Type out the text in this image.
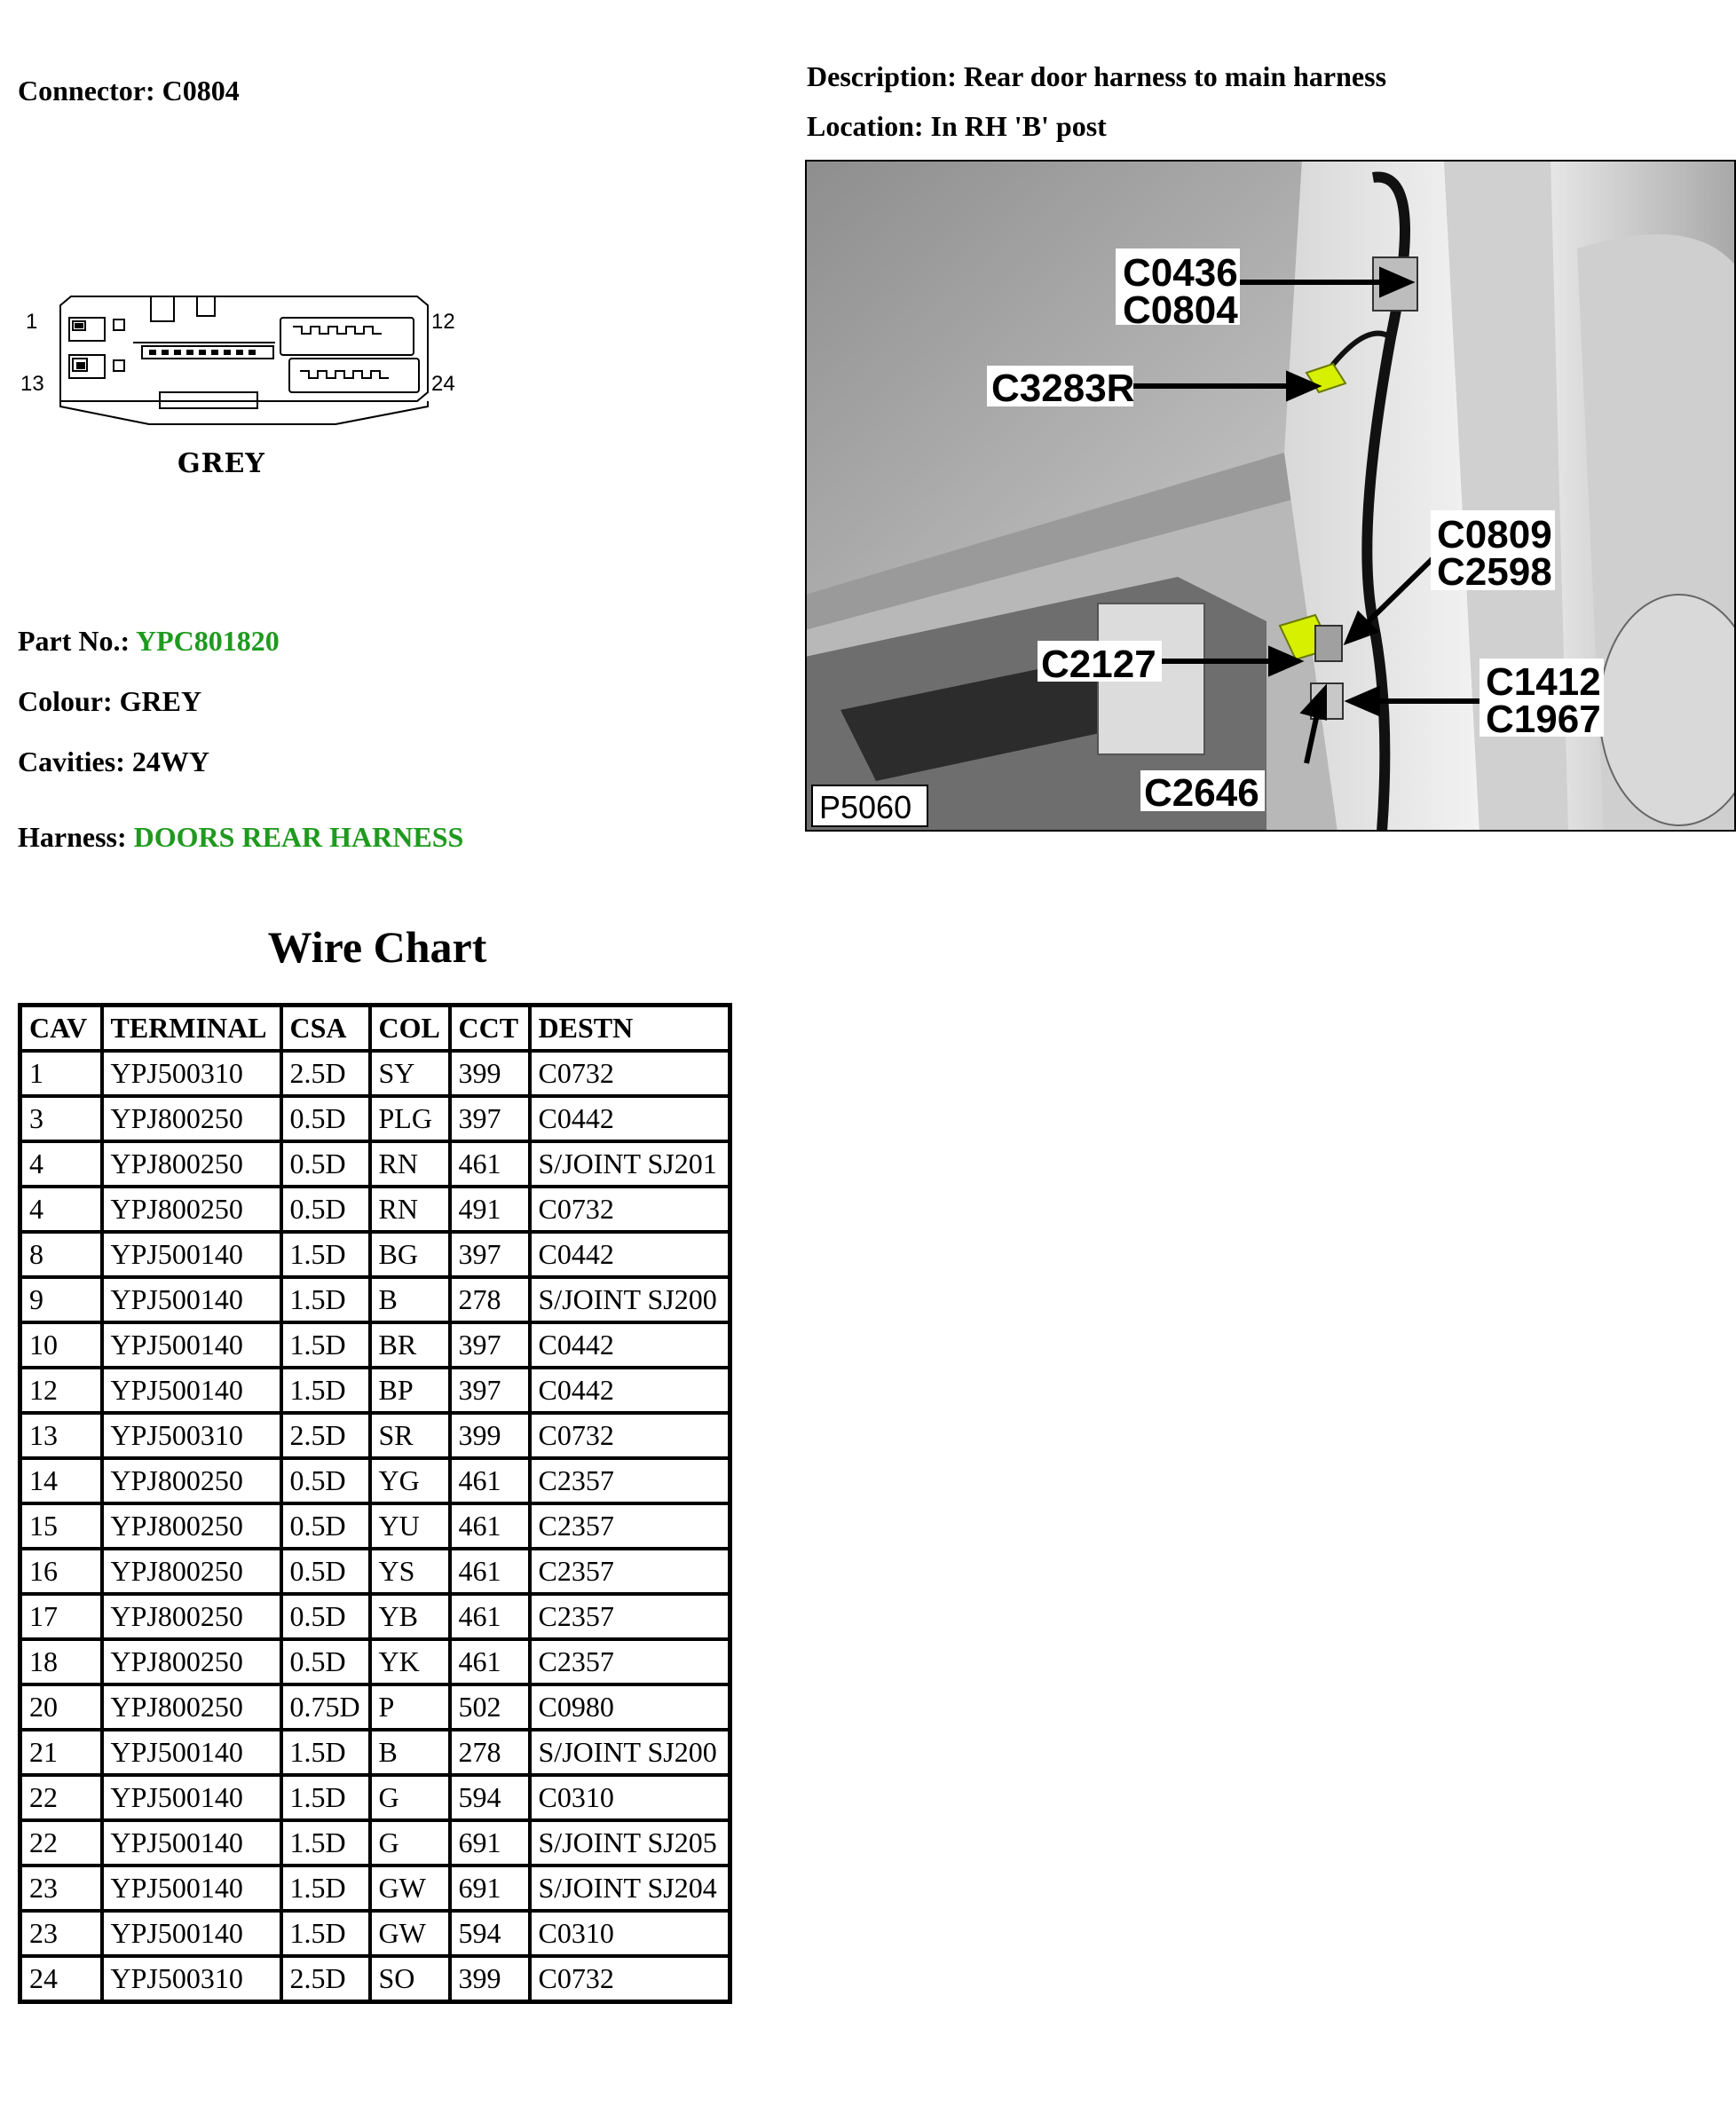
Connector: C0804	Description: Rear door harness to main harness
Location: In RH 'B' post
1	12
13	24
GREY
C0436
C0804
C3283R
C0809
C2598
C2127	C1412
C1967
C2646
P5060
Part No.: YPC801820
Colour: GREY
Cavities: 24WY
Harness: DOORS REAR HARNESS
Wire Chart
CAV	TERMINAL	CSA	COL	CCT	DESTN
1	YPJ500310	2.5D	SY	399	C0732
3	YPJ800250	0.5D	PLG	397	C0442
4	YPJ800250	0.5D	RN	461	S/JOINT SJ201
4	YPJ800250	0.5D	RN	491	C0732
8	YPJ500140	1.5D	BG	397	C0442
9	YPJ500140	1.5D	B	278	S/JOINT SJ200
10	YPJ500140	1.5D	BR	397	C0442
12	YPJ500140	1.5D	BP	397	C0442
13	YPJ500310	2.5D	SR	399	C0732
14	YPJ800250	0.5D	YG	461	C2357
15	YPJ800250	0.5D	YU	461	C2357
16	YPJ800250	0.5D	YS	461	C2357
17	YPJ800250	0.5D	YB	461	C2357
18	YPJ800250	0.5D	YK	461	C2357
20	YPJ800250	0.75D	P	502	C0980
21	YPJ500140	1.5D	B	278	S/JOINT SJ200
22	YPJ500140	1.5D	G	594	C0310
22	YPJ500140	1.5D	G	691	S/JOINT SJ205
23	YPJ500140	1.5D	GW	691	S/JOINT SJ204
23	YPJ500140	1.5D	GW	594	C0310
24	YPJ500310	2.5D	SO	399	C0732
